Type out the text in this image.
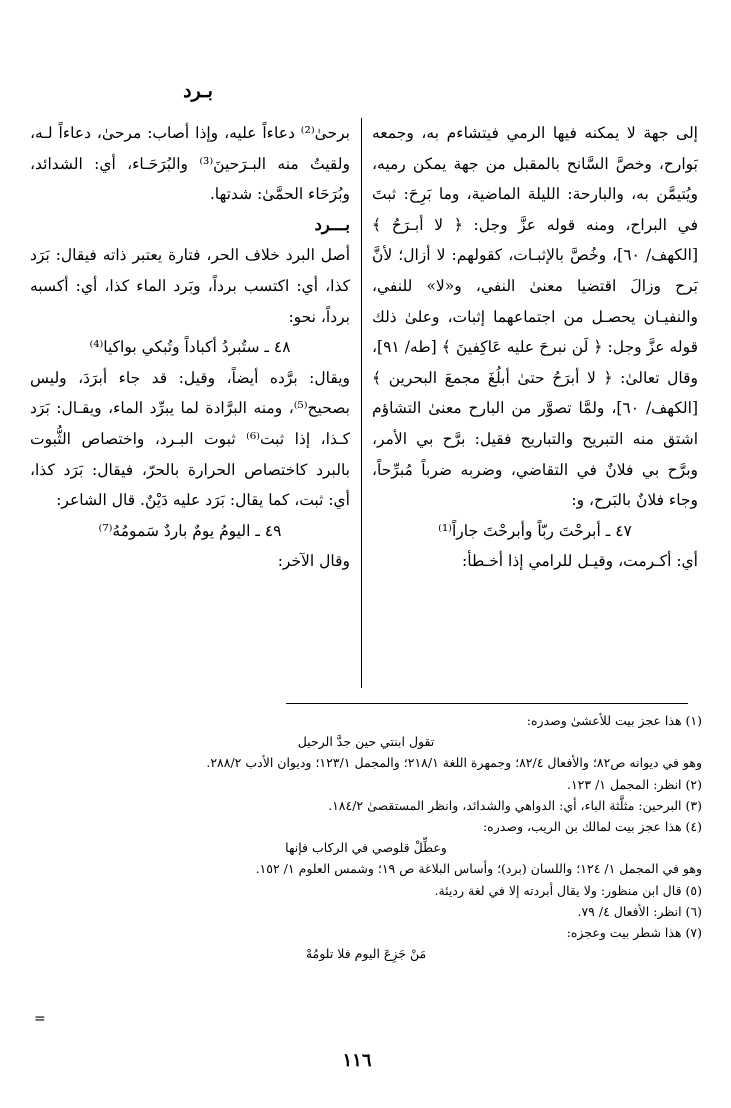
بـرد

إلى جهة لا يمكنه فيها الرمي فيتشاءم به، وجمعه بَوارح، وخصَّ السَّانح بالمقبل من جهة يمكن رميه، ويُتيمَّن به، والبارحة: الليلة الماضية، وما بَرِحَ: ثبتَ في البراح، ومنه قوله عزَّ وجل: ﴿ لا أبـرَحُ ﴾ [الكهف/ ٦٠]، وخُصَّ بالإثبـات، كقولهم: لا أزال؛ لأنَّ بَرح وزالَ اقتضيا معنىٰ النفي، و«لا» للنفي، والنفيـان يحصـل من اجتماعهما إثبات، وعلىٰ ذلك قوله عزَّ وجل: ﴿ لَن نبرحَ عليه عَاكِفينَ ﴾ [طه/ ٩١]، وقال تعالىٰ: ﴿ لا أبرَحُ حتىٰ أبلُغَ مجمعَ البحرين ﴾ [الكهف/ ٦٠]، ولمَّا تصوَّر من البارح معنىٰ التشاؤم اشتق منه التبريح والتباريح فقيل: برَّح بي الأمر، وبرَّح بي فلانٌ في التقاضي، وضربه ضرباً مُبرِّحاً، وجاء فلانٌ بالبَرح، و:

٤٧ ـ أبرحْتَ ربّاً وأبرحْتَ جاراً⁽¹⁾

أي: أكـرمت، وقيـل للرامي إذا أخـطأ:

برحىٰ⁽²⁾ دعاءاً عليه، وإذا أصاب: مرحىٰ، دعاءاً لـه، ولقيتُ منه البـرَحينَ⁽³⁾ والبُرَحَـاء، أي: الشدائد، وبُرَحَاء الحمَّىٰ: شدتها.

بـــرد

أصل البرد خلاف الحر، فتارة يعتبر ذاته فيقال: بَرَد كذا، أي: اكتسب برداً، وبَرد الماء كذا، أي: أكسبه برداً، نحو:

٤٨ ـ ستُبردُ أكباداً وتُبكي بواكيا⁽⁴⁾

ويقال: برَّده أيضاً، وقيل: قد جاء أبرَدَ، وليس بصحيح⁽⁵⁾، ومنه البرَّادة لما يبرِّد الماء، ويقـال: بَرَد كـذا، إذا ثبت⁽⁶⁾ ثبوت البـرد، واختصاص الثُّبوت بالبرد كاختصاص الحرارة بالحرّ، فيقال: بَرَد كذا، أي: ثبت، كما يقال: بَرَد عليه دَيْنٌ. قال الشاعر:

٤٩ ـ اليومُ يومٌ باردٌ سَمومُهُ⁽⁷⁾

وقال الآخر:

(١) هذا عجز بيت للأعشىٰ وصدره:

تقول ابنتي حين جدَّ الرحيل

وهو في ديوانه ص٨٢؛ والأفعال ٨٢/٤؛ وجمهرة اللغة ٢١٨/١؛ والمجمل ١٢٣/١؛ وديوان الأدب ٢٨٨/٢.

(٢) انظر: المجمل ١/ ١٢٣.

(٣) البرحين: مثلَّثة الباء، أي: الدواهي والشدائد، وانظر المستقصىٰ ١٨٤/٢.

(٤) هذا عجز بيت لمالك بن الريب، وصدره:

وعطِّلْ قلوصي في الركاب فإنها

وهو في المجمل ١/ ١٢٤؛ واللسان (برد)؛ وأساس البلاغة ص ١٩؛ وشمس العلوم ١/ ١٥٢.

(٥) قال ابن منظور: ولا يقال أبردته إلا في لغة رديئة.

(٦) انظر: الأفعال ٤/ ٧٩.

(٧) هذا شطر بيت وعجزه:

مَنْ جَزِعَ اليوم فلا تلومُهْ

=
١١٦
